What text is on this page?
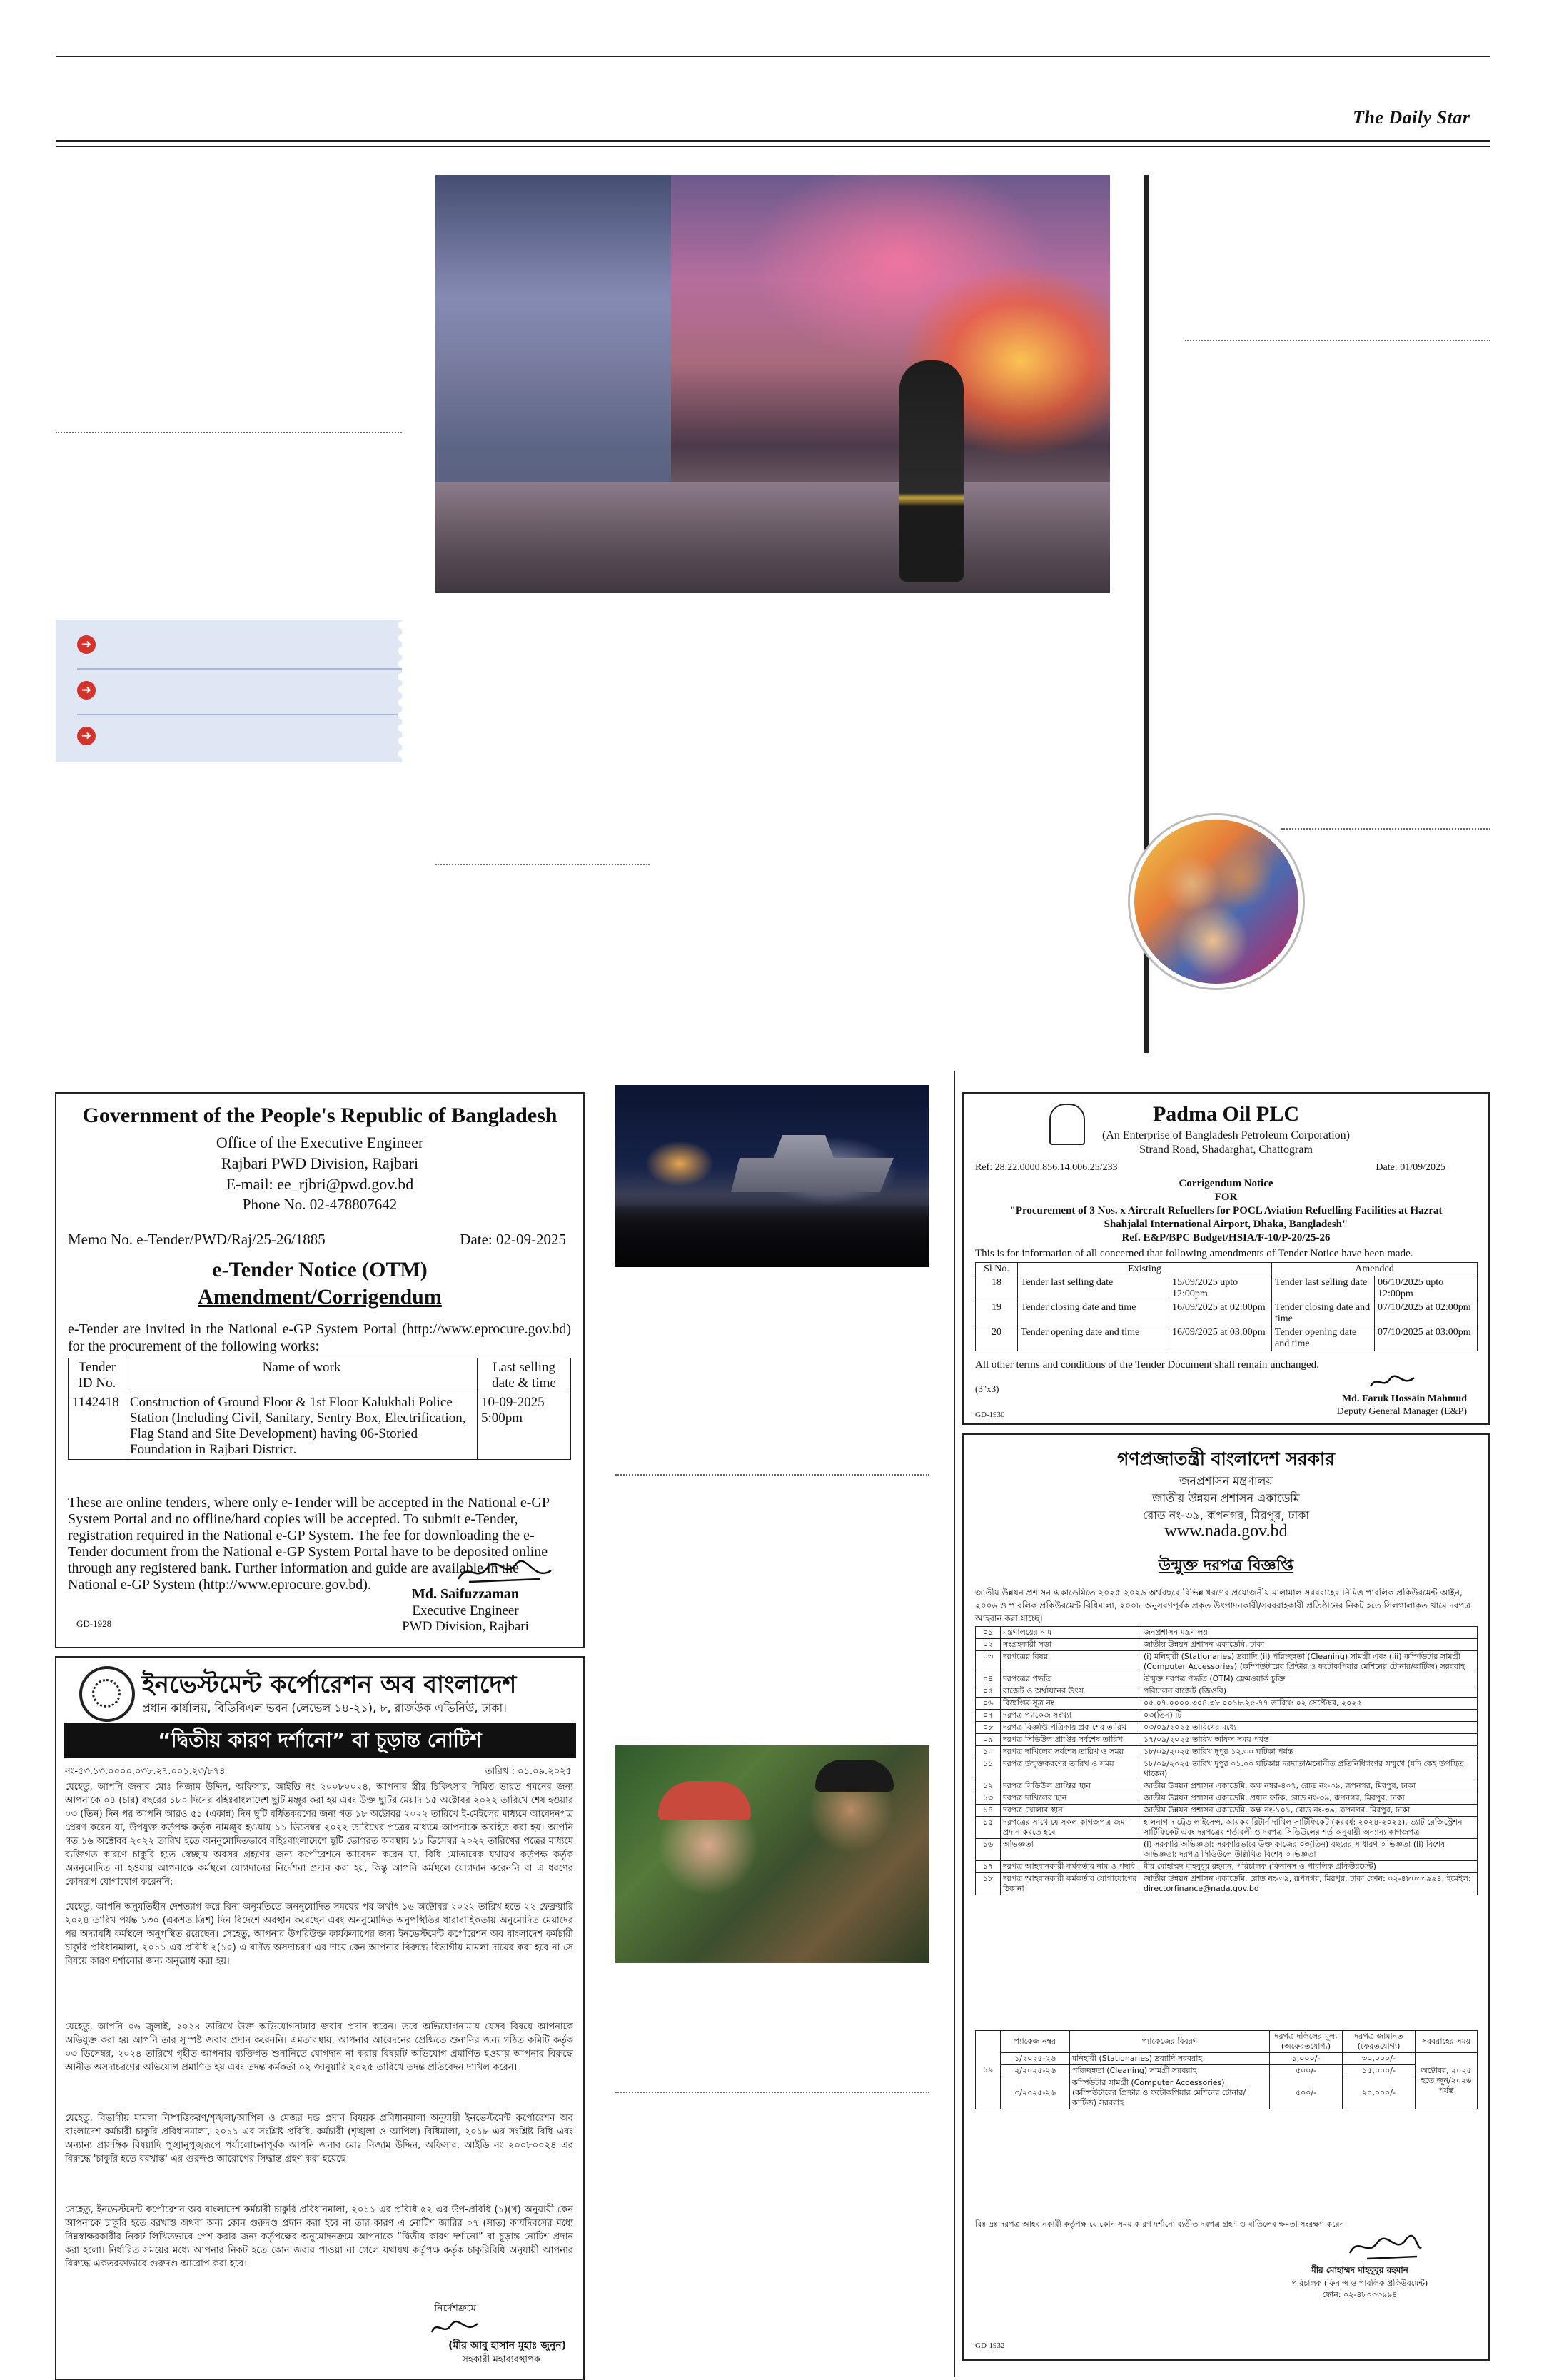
The Daily Star
➜
➜
➜
Government of the People's Republic of Bangladesh
Office of the Executive Engineer
Rajbari PWD Division, Rajbari
E-mail: ee_rjbri@pwd.gov.bd
Phone No. 02-478807642
Memo No. e-Tender/PWD/Raj/25-26/1885	Date: 02-09-2025
e-Tender Notice (OTM)
Amendment/Corrigendum
e-Tender are invited in the National e-GP System Portal (http://www.eprocure.gov.bd) for the procurement of the following works:
Tender ID No.	Name of work	Last selling date & time
1142418	Construction of Ground Floor & 1st Floor Kalukhali Police Station (Including Civil, Sanitary, Sentry Box, Electrification, Flag Stand and Site Development) having 06-Storied Foundation in Rajbari District.	10-09-2025 5:00pm
These are online tenders, where only e-Tender will be accepted in the National e-GP System Portal and no offline/hard copies will be accepted. To submit e-Tender, registration required in the National e-GP System. The fee for downloading the e-Tender document from the National e-GP System Portal have to be deposited online through any registered bank. Further information and guide are available in the National e-GP System (http://www.eprocure.gov.bd).
Md. Saifuzzaman
Executive Engineer
PWD Division, Rajbari
GD-1928
ইনভেস্টমেন্ট কর্পোরেশন অব বাংলাদেশ
প্রধান কার্যালয়, বিডিবিএল ভবন (লেভেল ১৪-২১), ৮, রাজউক এভিনিউ, ঢাকা।
“দ্বিতীয় কারণ দর্শানো” বা চূড়ান্ত নোটিশ
নং-৫৩.১৩.০০০০.০৩৮.২৭.০০১.২৩/৮৭৪	তারিখ : ০১.০৯.২০২৫
যেহেতু, আপনি জনাব মোঃ নিজাম উদ্দিন, অফিসার, আইডি নং ২০০৮০০২৪, আপনার স্ত্রীর চিকিৎসার নিমিত্ত ভারত গমনের জন্য আপনাকে ০৪ (চার) বছরের ১৮০ দিনের বহিঃবাংলাদেশ ছুটি মঞ্জুর করা হয় এবং উক্ত ছুটির মেয়াদ ১৫ অক্টোবর ২০২২ তারিখে শেষ হওয়ার ০৩ (তিন) দিন পর আপনি আরও ৫১ (একান্ন) দিন ছুটি বর্ধিতকরণের জন্য গত ১৮ অক্টোবর ২০২২ তারিখে ই-মেইলের মাধ্যমে আবেদনপত্র প্রেরণ করেন যা, উপযুক্ত কর্তৃপক্ষ কর্তৃক নামঞ্জুর হওয়ায় ১১ ডিসেম্বর ২০২২ তারিখের পত্রের মাধ্যমে আপনাকে অবহিত করা হয়। আপনি গত ১৬ অক্টোবর ২০২২ তারিখ হতে অননুমোদিতভাবে বহিঃবাংলাদেশে ছুটি ভোগরত অবস্থায় ১১ ডিসেম্বর ২০২২ তারিখের পত্রের মাধ্যমে ব্যক্তিগত কারণে চাকুরি হতে স্বেচ্ছায় অবসর গ্রহণের জন্য কর্পোরেশনে আবেদন করেন যা, বিধি মোতাবেক যথাযথ কর্তৃপক্ষ কর্তৃক অননুমোদিত না হওয়ায় আপনাকে কর্মস্থলে যোগদানের নির্দেশনা প্রদান করা হয়, কিন্তু আপনি কর্মস্থলে যোগদান করেননি বা এ ধরণের কোনরূপ যোগাযোগ করেননি;
যেহেতু, আপনি অনুমতিহীন দেশত্যাগ করে বিনা অনুমতিতে অননুমোদিত সময়ের পর অর্থাৎ ১৬ অক্টোবর ২০২২ তারিখ হতে ২২ ফেব্রুয়ারি ২০২৪ তারিখ পর্যন্ত ১৩০ (একশত ত্রিশ) দিন বিদেশে অবস্থান করেছেন এবং অননুমোদিত অনুপস্থিতির ধারাবাহিকতায় অনুমোদিত মেয়াদের পর অদ্যাবধি কর্মস্থলে অনুপস্থিত রয়েছেন। সেহেতু, আপনার উপরিউক্ত কার্যকলাপের জন্য ইনভেস্টমেন্ট কর্পোরেশন অব বাংলাদেশ কর্মচারী চাকুরি প্রবিধানমালা, ২০১১ এর প্রবিধি ২(১০) এ বর্ণিত অসদাচরণ এর দায়ে কেন আপনার বিরুদ্ধে বিভাগীয় মামলা দায়ের করা হবে না সে বিষয়ে কারণ দর্শানোর জন্য অনুরোধ করা হয়।
যেহেতু, আপনি ০৬ জুলাই, ২০২৪ তারিখে উক্ত অভিযোগনামার জবাব প্রদান করেন। তবে অভিযোগনামায় যেসব বিষয়ে আপনাকে অভিযুক্ত করা হয় আপনি তার সুস্পষ্ট জবাব প্রদান করেননি। এমতাবস্থায়, আপনার আবেদনের প্রেক্ষিতে শুনানির জন্য গঠিত কমিটি কর্তৃক ০৩ ডিসেম্বর, ২০২৪ তারিখে গৃহীত আপনার ব্যক্তিগত শুনানিতে যোগদান না করায় বিষয়টি অভিযোগ প্রমাণিত হওয়ায় আপনার বিরুদ্ধে আনীত অসদাচরণের অভিযোগ প্রমাণিত হয় এবং তদন্ত কর্মকর্তা ০২ জানুয়ারি ২০২৫ তারিখে তদন্ত প্রতিবেদন দাখিল করেন।
যেহেতু, বিভাগীয় মামলা নিষ্পত্তিকরণ/শৃঙ্খলা/আপিল ও মেজর দন্ড প্রদান বিষয়ক প্রবিধানমালা অনুযায়ী ইনভেস্টমেন্ট কর্পোরেশন অব বাংলাদেশ কর্মচারী চাকুরি প্রবিধানমালা, ২০১১ এর সংশ্লিষ্ট প্রবিধি, কর্মচারী (শৃঙ্খলা ও আপিল) বিধিমালা, ২০১৮ এর সংশ্লিষ্ট বিধি এবং অন্যান্য প্রাসঙ্গিক বিষয়াদি পুঙ্খানুপুঙ্খরূপে পর্যালোচনাপূর্বক আপনি জনাব মোঃ নিজাম উদ্দিন, অফিসার, আইডি নং ২০০৮০০২৪ এর বিরুদ্ধে 'চাকুরি হতে বরখাস্ত' এর গুরুদণ্ড আরোপের সিদ্ধান্ত গ্রহণ করা হয়েছে।
সেহেতু, ইনভেস্টমেন্ট কর্পোরেশন অব বাংলাদেশ কর্মচারী চাকুরি প্রবিধানমালা, ২০১১ এর প্রবিধি ৫২ এর উপ-প্রবিধি (১)(খ) অনুযায়ী কেন আপনাকে চাকুরি হতে বরখাস্ত অথবা অন্য কোন গুরুদণ্ড প্রদান করা হবে না তার কারণ এ নোটিশ জারির ০৭ (সাত) কার্যদিবসের মধ্যে নিম্নস্বাক্ষরকারীর নিকট লিখিতভাবে পেশ করার জন্য কর্তৃপক্ষের অনুমোদনক্রমে আপনাকে “দ্বিতীয় কারণ দর্শানো” বা চূড়ান্ত নোটিশ প্রদান করা হলো। নির্ধারিত সময়ের মধ্যে আপনার নিকট হতে কোন জবাব পাওয়া না গেলে যথাযথ কর্তৃপক্ষ কর্তৃক চাকুরিবিধি অনুযায়ী আপনার বিরুদ্ধে একতরফাভাবে গুরুদণ্ড আরোপ করা হবে।
নির্দেশক্রমে
(মীর আবু হাসান মুহাঃ জুনুন)
সহকারী মহাব্যবস্থাপক
Padma Oil PLC
(An Enterprise of Bangladesh Petroleum Corporation)
Strand Road, Shadarghat, Chattogram
Ref: 28.22.0000.856.14.006.25/233	Date: 01/09/2025
Corrigendum Notice
FOR
"Procurement of 3 Nos. x Aircraft Refuellers for POCL Aviation Refuelling Facilities at Hazrat
Shahjalal International Airport, Dhaka, Bangladesh"
Ref. E&P/BPC Budget/HSIA/F-10/P-20/25-26
This is for information of all concerned that following amendments of Tender Notice have been made.
Sl No.	Existing		Amended	
18	Tender last selling date	15/09/2025 upto 12:00pm	Tender last selling date	06/10/2025 upto 12:00pm
19	Tender closing date and time	16/09/2025 at 02:00pm	Tender closing date and time	07/10/2025 at 02:00pm
20	Tender opening date and time	16/09/2025 at 03:00pm	Tender opening date and time	07/10/2025 at 03:00pm
All other terms and conditions of the Tender Document shall remain unchanged.
(3"x3)
Md. Faruk Hossain Mahmud
Deputy General Manager (E&P)
GD-1930
গণপ্রজাতন্ত্রী বাংলাদেশ সরকার
জনপ্রশাসন মন্ত্রণালয়
জাতীয় উন্নয়ন প্রশাসন একাডেমি
রোড নং-৩৯, রূপনগর, মিরপুর, ঢাকা
www.nada.gov.bd
উন্মুক্ত দরপত্র বিজ্ঞপ্তি
জাতীয় উন্নয়ন প্রশাসন একাডেমিতে ২০২৫-২০২৬ অর্থবছরে বিভিন্ন ধরণের প্রয়োজনীয় মালামাল সরবরাহের নিমিত্ত পাবলিক প্রকিউরমেন্ট আইন, ২০০৬ ও পাবলিক প্রকিউরমেন্ট বিধিমালা, ২০০৮ অনুসরণপূর্বক প্রকৃত উৎপাদনকারী/সরবরাহকারী প্রতিষ্ঠানের নিকট হতে সিলগালাকৃত খামে দরপত্র আহবান করা যাচ্ছে।
০১	মন্ত্রণালয়ের নাম	জনপ্রশাসন মন্ত্রণালয়
০২	সংগ্রহকারী সত্তা	জাতীয় উন্নয়ন প্রশাসন একাডেমি, ঢাকা
০৩	দরপত্রের বিষয়	(i) মনিহারী (Stationaries) দ্রব্যাদি (ii) পরিচ্ছন্নতা (Cleaning) সামগ্রী এবং (iii) কম্পিউটার সামগ্রী (Computer Accessories) (কম্পিউটারের প্রিন্টার ও ফটোকপিয়ার মেশিনের টোনার/কার্টিজ) সরবরাহ
০৪	দরপত্রের পদ্ধতি	উন্মুক্ত দরপত্র পদ্ধতি (OTM) ফ্রেমওয়ার্ক চুক্তি
০৫	বাজেট ও অর্থায়নের উৎস	পরিচালন বাজেট (জিওবি)
০৬	বিজ্ঞপ্তির সূত্র নং	০৫.০৭.০০০০.৩০৪.৩৮.০০১৮.২৫-৭৭ তারিখ: ০২ সেপ্টেম্বর, ২০২৫
০৭	দরপত্র প্যাকেজ সংখ্যা	০৩(তিন) টি
০৮	দরপত্র বিজ্ঞপ্তি পত্রিকায় প্রকাশের তারিখ	০৩/০৯/২০২৫ তারিখের মধ্যে
০৯	দরপত্র সিডিউল প্রাপ্তির সর্বশেষ তারিখ	১৭/০৯/২০২৫ তারিখ অফিস সময় পর্যন্ত
১০	দরপত্র দাখিলের সর্বশেষ তারিখ ও সময়	১৮/০৯/২০২৫ তারিখ দুপুর ১২.৩০ ঘটিকা পর্যন্ত
১১	দরপত্র উন্মুক্তকরণের তারিখ ও সময়	১৮/০৯/২০২৫ তারিখ দুপুর ০১.০০ ঘটিকায় দরদাতা/মনোনীত প্রতিনিধিগণের সম্মুখে (যদি কেহ উপস্থিত থাকেন)
১২	দরপত্র সিডিউল প্রাপ্তির স্থান	জাতীয় উন্নয়ন প্রশাসন একাডেমি, কক্ষ নম্বর-৪০৭, রোড নং-৩৯, রূপনগর, মিরপুর, ঢাকা
১৩	দরপত্র দাখিলের স্থান	জাতীয় উন্নয়ন প্রশাসন একাডেমি, প্রধান ফটক, রোড নং-৩৯, রূপনগর, মিরপুর, ঢাকা
১৪	দরপত্র খোলার স্থান	জাতীয় উন্নয়ন প্রশাসন একাডেমি, কক্ষ নং-১০১, রোড নং-৩৯, রূপনগর, মিরপুর, ঢাকা
১৫	দরপত্রের সাথে যে সকল কাগজপত্র জমা প্রদান করতে হবে	হালনাগাদ ট্রেড লাইসেন্স, আয়কর রিটার্ন দাখিল সার্টিফিকেট (করবর্ষ: ২০২৪-২০২৫), ভ্যাট রেজিস্ট্রেশন সার্টিফিকেট এবং দরপত্রের শর্তাবলী ও দরপত্র সিডিউলের শর্ত অনুযায়ী অন্যান্য কাগজপত্র
১৬	অভিজ্ঞতা	(i) সরকারি অভিজ্ঞতা: সরকারিভাবে উক্ত কাজের ০৩(তিন) বছরের সাধারণ অভিজ্ঞতা (ii) বিশেষ অভিজ্ঞতা: দরপত্র সিডিউলে উল্লিখিত বিশেষ অভিজ্ঞতা
১৭	দরপত্র আহবানকারী কর্মকর্তার নাম ও পদবি	মীর মোহাম্মদ মাহবুবুর রহমান, পরিচালক (কিনানস ও পাবলিক প্রকিউরমেন্ট)
১৮	দরপত্র আহবানকারী কর্মকর্তার যোগাযোগের ঠিকানা	জাতীয় উন্নয়ন প্রশাসন একাডেমি, রোড নং-৩৯, রূপনগর, মিরপুর, ঢাকা ফোন: ০২-৪৮০৩৩৯৯৪, ইমেইল: directorfinance@nada.gov.bd
১৯	প্যাকেজ নম্বর	প্যাকেজের বিবরণ	দরপত্র দলিলের মূল্য (অফেরতযোগ্য)	দরপত্র জামানত (ফেরতযোগ্য)	সরবরাহের সময়
	১/২০২৫-২৬	মনিহারী (Stationaries) দ্রব্যাদি সরবরাহ	১,০০০/-	৩০,০০০/-	অক্টোবর, ২০২৫ হতে জুন/২০২৬ পর্যন্ত
	২/২০২৫-২৬	পরিচ্ছন্নতা (Cleaning) সামগ্রী সরবরাহ	৫০০/-	১৫,০০০/-	
	৩/২০২৫-২৬	কম্পিউটার সামগ্রী (Computer Accessories) (কম্পিউটারের প্রিন্টার ও ফটোকপিয়ার মেশিনের টোনার/কার্টিজ) সরবরাহ	৫০০/-	২০,০০০/-	
বিঃ দ্রঃ দরপত্র আহবানকারী কর্তৃপক্ষ যে কোন সময় কারণ দর্শানো ব্যতীত দরপত্র গ্রহণ ও বাতিলের ক্ষমতা সংরক্ষণ করেন।
মীর মোহাম্মদ মাহবুবুর রহমান
পরিচালক (ফিনান্স ও পাবলিক প্রকিউরমেন্ট)
ফোন: ০২-৪৮০৩৩৯৯৪
GD-1932
